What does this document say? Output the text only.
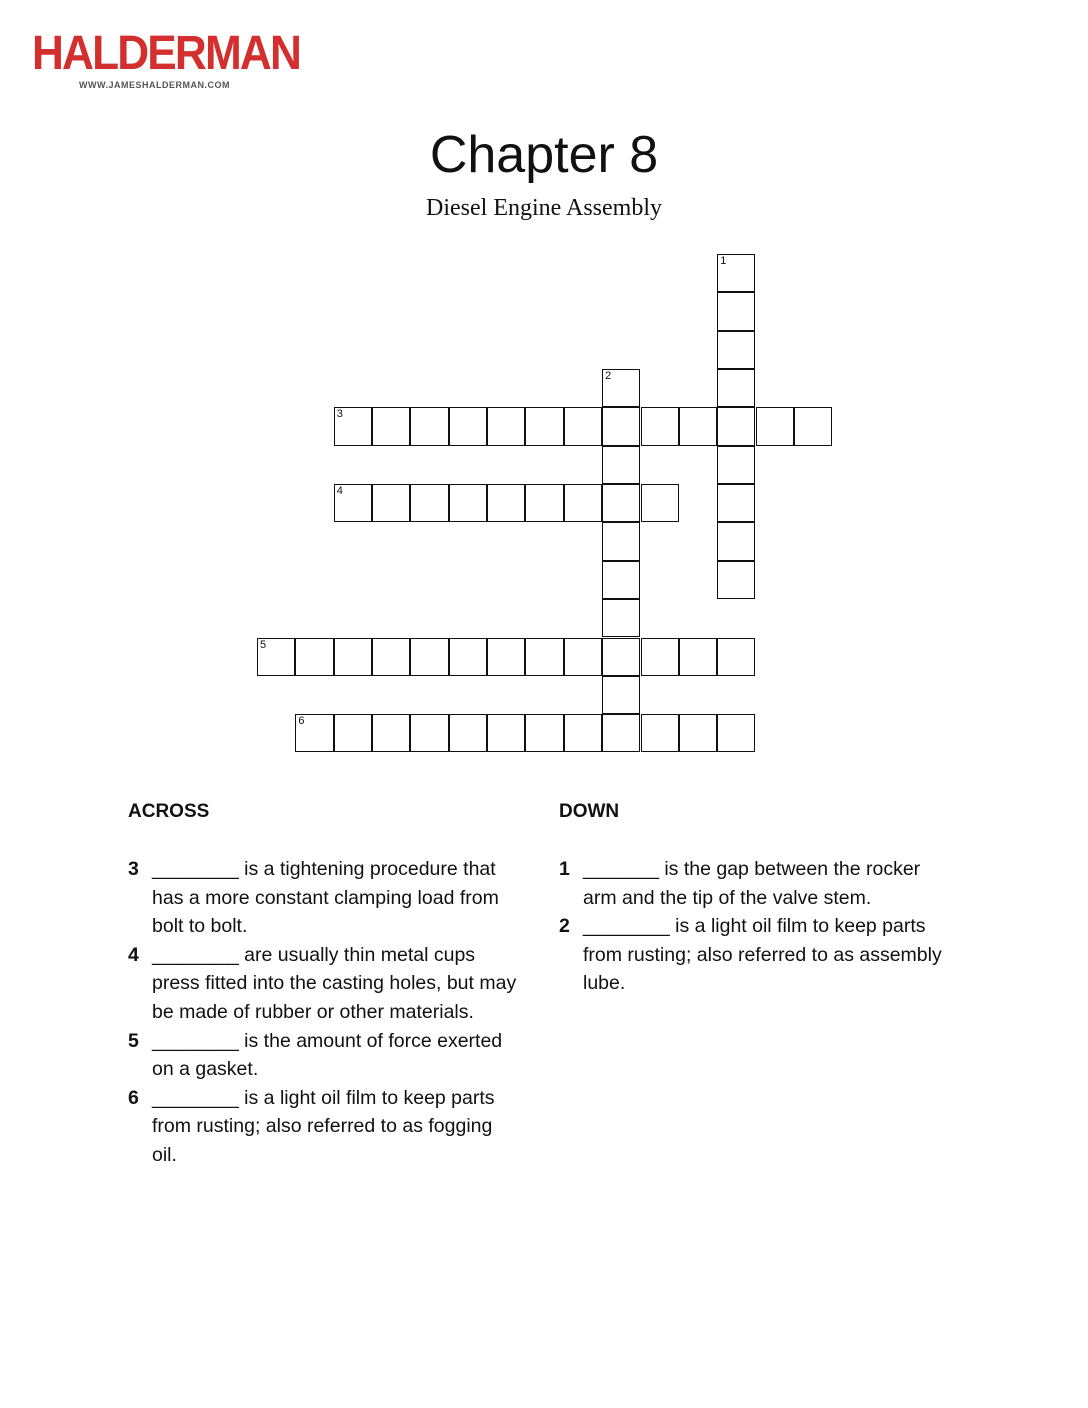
HALDERMAN
WWW.JAMESHALDERMAN.COM
Chapter 8
Diesel Engine Assembly
1
2
3
4
5
6
ACROSS	DOWN
3 ________ is a tightening procedure that has a more constant clamping load from bolt to bolt.
4 ________ are usually thin metal cups press fitted into the casting holes, but may be made of rubber or other materials.
5 ________ is the amount of force exerted on a gasket.
6 ________ is a light oil film to keep parts from rusting; also referred to as fogging oil.
1 _______ is the gap between the rocker arm and the tip of the valve stem.
2 ________ is a light oil film to keep parts from rusting; also referred to as assembly lube.
